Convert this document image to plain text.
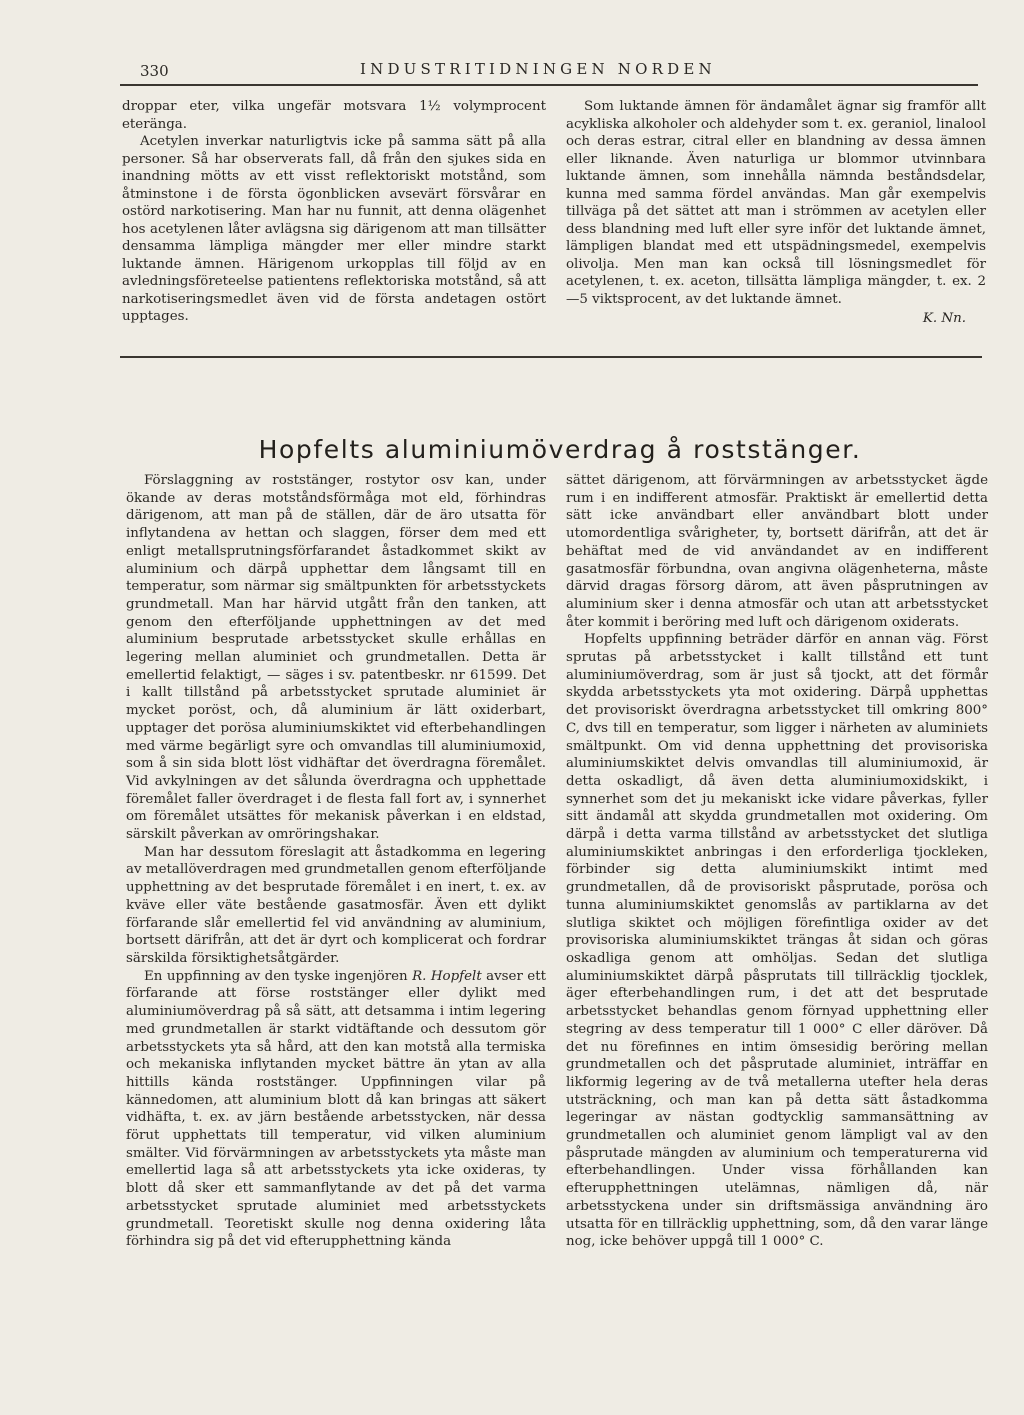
330	INDUSTRITIDNINGEN NORDEN

droppar eter, vilka ungefär motsvara 1½ volymprocent eteränga.

Acetylen inverkar naturligtvis icke på samma sätt på alla personer. Så har observerats fall, då från den sjukes sida en inandning mötts av ett visst reflektoriskt motstånd, som åtminstone i de första ögonblicken avsevärt försvårar en ostörd narkotisering. Man har nu funnit, att denna olägenhet hos acetylenen låter avlägsna sig därigenom att man tillsätter densamma lämpliga mängder mer eller mindre starkt luktande ämnen. Härigenom urkopplas till följd av en avledningsföreteelse patientens reflektoriska motstånd, så att narkotiseringsmedlet även vid de första andetagen ostört upptages.

Som luktande ämnen för ändamålet ägnar sig framför allt acykliska alkoholer och aldehyder som t. ex. geraniol, linalool och deras estrar, citral eller en blandning av dessa ämnen eller liknande. Även naturliga ur blommor utvinnbara luktande ämnen, som innehålla nämnda beståndsdelar, kunna med samma fördel användas. Man går exempelvis tillväga på det sättet att man i strömmen av acetylen eller dess blandning med luft eller syre inför det luktande ämnet, lämpligen blandat med ett utspädningsmedel, exempelvis olivolja. Men man kan också till lösningsmedlet för acetylenen, t. ex. aceton, tillsätta lämpliga mängder, t. ex. 2—5 viktsprocent, av det luktande ämnet.

K. Nn.
Hopfelts aluminiumöverdrag å roststänger.

Förslaggning av roststänger, rostytor osv kan, under ökande av deras motståndsförmåga mot eld, förhindras därigenom, att man på de ställen, där de äro utsatta för inflytandena av hettan och slaggen, förser dem med ett enligt metallsprutningsförfarandet åstadkommet skikt av aluminium och därpå upphettar dem långsamt till en temperatur, som närmar sig smältpunkten för arbetsstyckets grundmetall. Man har härvid utgått från den tanken, att genom den efterföljande upphettningen av det med aluminium besprutade arbetsstycket skulle erhållas en legering mellan aluminiet och grundmetallen. Detta är emellertid felaktigt, — säges i sv. patentbeskr. nr 61599. Det i kallt tillstånd på arbetsstycket sprutade aluminiet är mycket poröst, och, då aluminium är lätt oxiderbart, upptager det porösa aluminiumskiktet vid efterbehandlingen med värme begärligt syre och omvandlas till aluminiumoxid, som å sin sida blott löst vidhäftar det överdragna föremålet. Vid avkylningen av det sålunda överdragna och upphettade föremålet faller överdraget i de flesta fall fort av, i synnerhet om föremålet utsättes för mekanisk påverkan i en eldstad, särskilt påverkan av omröringshakar.

Man har dessutom föreslagit att åstadkomma en legering av metallöverdragen med grundmetallen genom efterföljande upphettning av det besprutade föremålet i en inert, t. ex. av kväve eller väte bestående gasatmosfär. Även ett dylikt förfarande slår emellertid fel vid användning av aluminium, bortsett därifrån, att det är dyrt och komplicerat och fordrar särskilda försiktighetsåtgärder.

En uppfinning av den tyske ingenjören R. Hopfelt avser ett förfarande att förse roststänger eller dylikt med aluminiumöverdrag på så sätt, att detsamma i intim legering med grundmetallen är starkt vidtäftande och dessutom gör arbetsstyckets yta så hård, att den kan motstå alla termiska och mekaniska inflytanden mycket bättre än ytan av alla hittills kända roststänger. Uppfinningen vilar på kännedomen, att aluminium blott då kan bringas att säkert vidhäfta, t. ex. av järn bestående arbetsstycken, när dessa förut upphettats till temperatur, vid vilken aluminium smälter. Vid förvärmningen av arbetsstyckets yta måste man emellertid laga så att arbetsstyckets yta icke oxideras, ty blott då sker ett sammanflytande av det på det varma arbetsstycket sprutade aluminiet med arbetsstyckets grundmetall. Teoretiskt skulle nog denna oxidering låta förhindra sig på det vid efterupphettning kända

sättet därigenom, att förvärmningen av arbetsstycket ägde rum i en indifferent atmosfär. Praktiskt är emellertid detta sätt icke användbart eller användbart blott under utomordentliga svårigheter, ty, bortsett därifrån, att det är behäftat med de vid användandet av en indifferent gasatmosfär förbundna, ovan angivna olägenheterna, måste därvid dragas försorg därom, att även påsprutningen av aluminium sker i denna atmosfär och utan att arbetsstycket åter kommit i beröring med luft och därigenom oxiderats.

Hopfelts uppfinning beträder därför en annan väg. Först sprutas på arbetsstycket i kallt tillstånd ett tunt aluminiumöverdrag, som är just så tjockt, att det förmår skydda arbetsstyckets yta mot oxidering. Därpå upphettas det provisoriskt överdragna arbetsstycket till omkring 800° C, dvs till en temperatur, som ligger i närheten av aluminiets smältpunkt. Om vid denna upphettning det provisoriska aluminiumskiktet delvis omvandlas till aluminiumoxid, är detta oskadligt, då även detta aluminiumoxidskikt, i synnerhet som det ju mekaniskt icke vidare påverkas, fyller sitt ändamål att skydda grundmetallen mot oxidering. Om därpå i detta varma tillstånd av arbetsstycket det slutliga aluminiumskiktet anbringas i den erforderliga tjockleken, förbinder sig detta aluminiumskikt intimt med grundmetallen, då de provisoriskt påsprutade, porösa och tunna aluminiumskiktet genomslås av partiklarna av det slutliga skiktet och möjligen förefintliga oxider av det provisoriska aluminiumskiktet trängas åt sidan och göras oskadliga genom att omhöljas. Sedan det slutliga aluminiumskiktet därpå påsprutats till tillräcklig tjocklek, äger efterbehandlingen rum, i det att det besprutade arbetsstycket behandlas genom förnyad upphettning eller stegring av dess temperatur till 1 000° C eller däröver. Då det nu förefinnes en intim ömsesidig beröring mellan grundmetallen och det påsprutade aluminiet, inträffar en likformig legering av de två metallerna utefter hela deras utsträckning, och man kan på detta sätt åstadkomma legeringar av nästan godtycklig sammansättning av grundmetallen och aluminiet genom lämpligt val av den påsprutade mängden av aluminium och temperaturerna vid efterbehandlingen. Under vissa förhållanden kan efterupphettningen utelämnas, nämligen då, när arbetsstyckena under sin driftsmässiga användning äro utsatta för en tillräcklig upphettning, som, då den varar länge nog, icke behöver uppgå till 1 000° C.
